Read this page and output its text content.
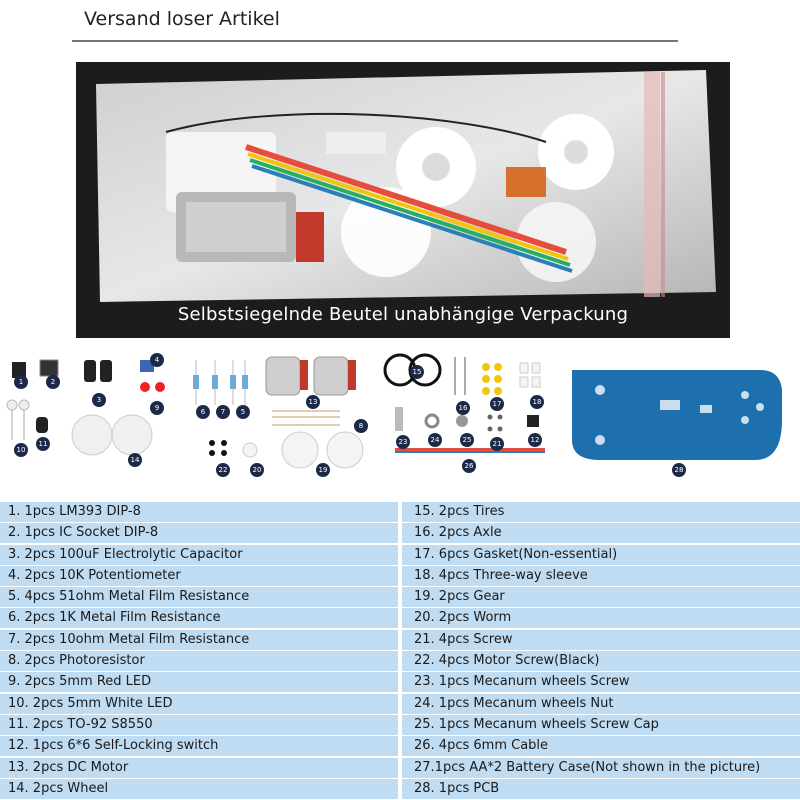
Versand loser Artikel
Selbstsiegelnde Beutel unabhängige Verpackung
1	2
3
4
5
6	7
8
9
10
11	12
13
14
15
16	17	18
19
20
21
22
23	24	25
26	28
1. 1pcs LM393 DIP-8
2. 1pcs IC Socket DIP-8
3. 2pcs 100uF Electrolytic Capacitor
4. 2pcs 10K Potentiometer
5. 4pcs 51ohm Metal Film Resistance
6. 2pcs 1K Metal Film Resistance
7. 2pcs 10ohm Metal Film Resistance
8. 2pcs Photoresistor
9. 2pcs 5mm Red LED
10. 2pcs 5mm White LED
11. 2pcs TO-92 S8550
12. 1pcs 6*6 Self-Locking switch
13. 2pcs DC Motor
14. 2pcs Wheel
15. 2pcs Tires
16. 2pcs Axle
17. 6pcs Gasket(Non-essential)
18. 4pcs Three-way sleeve
19. 2pcs Gear
20. 2pcs Worm
21. 4pcs Screw
22. 4pcs Motor Screw(Black)
23. 1pcs Mecanum wheels Screw
24. 1pcs Mecanum wheels Nut
25. 1pcs Mecanum wheels Screw Cap
26. 4pcs 6mm Cable
27.1pcs AA*2 Battery Case(Not shown in the picture)
28. 1pcs PCB
